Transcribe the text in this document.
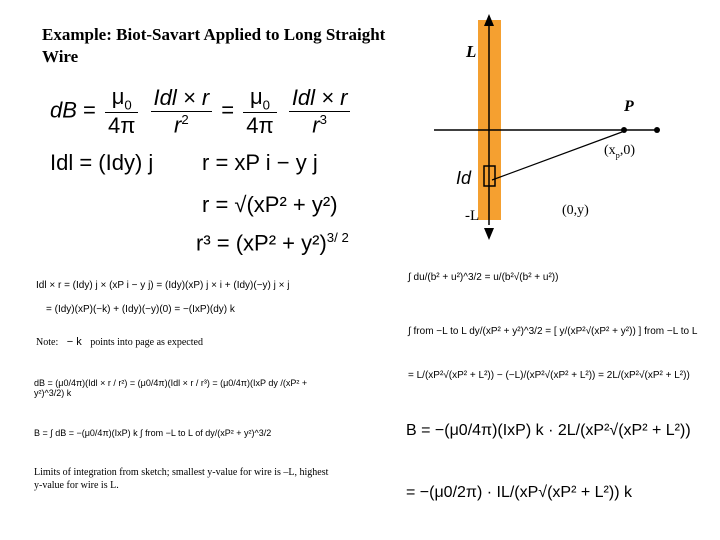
Example: Biot-Savart Applied to Long Straight Wire	L
-L
P
$(x_p,0)$
(0,y)
Id
dB = $\frac{\mu_0}{4\pi}$
$\frac{\text{Idl × r}}{r^2} = \frac{\mu_0}{4\pi}$
$\frac{\text{Idl × r}}{r^3}$
Idl = (Idy) j r = xP i − y j
r = √(xP² + y²)
$r^3 = (xP^2 + y^2)^{3/ 2}$
Idl × r = (Idy) j × (xP i − y j) = (Idy)(xP) j × i + (Idy)(−y) j × j
= (Idy)(xP)(−k) + (Idy)(−y)(0) = −(IxP)(dy) k
Note: − k points into page as expected
dB = (μ0/4π)(Idl × r / r²) = (μ0/4π)(Idl × r / r³) = (μ0/4π)(IxP dy /(xP² + y²)^3/2) k
B = ∫ dB = −(μ0/4π)(IxP) k ∫ from −L to L of dy/(xP² + y²)^3/2
Limits of integration from sketch; smallest y-value for wire is –L, highest y-value for wire is L.
∫ du/(b² + u²)^3/2 = u/(b²√(b² + u²))
∫ from −L to L dy/(xP² + y²)^3/2 = [ y/(xP²√(xP² + y²)) ] from −L to L
= L/(xP²√(xP² + L²)) − (−L)/(xP²√(xP² + L²)) = 2L/(xP²√(xP² + L²))
B = −(μ0/4π)(IxP) k · 2L/(xP²√(xP² + L²))
= −(μ0/2π) · IL/(xP√(xP² + L²)) k
